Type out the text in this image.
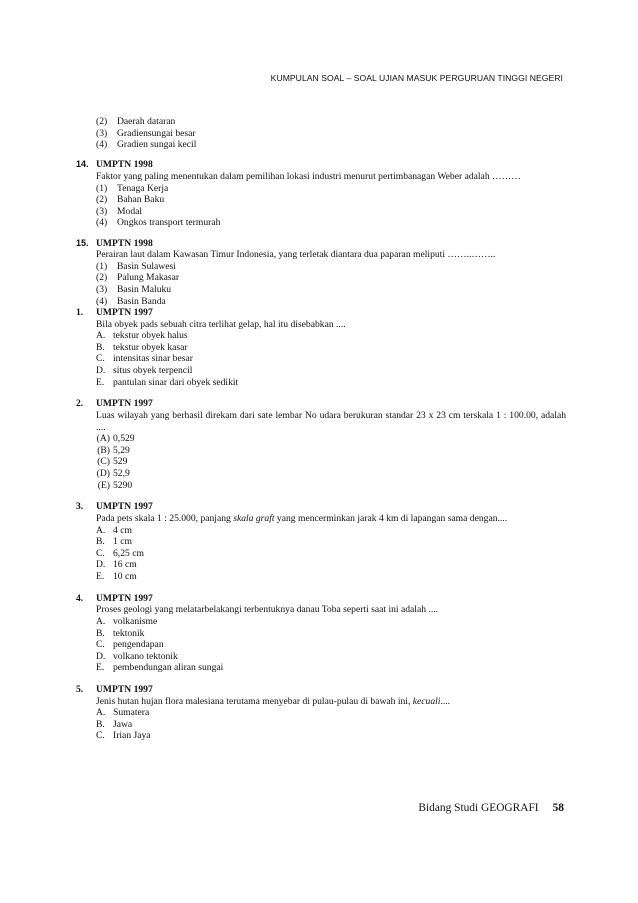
KUMPULAN SOAL – SOAL UJIAN MASUK PERGURUAN TINGGI NEGERI
(2)	Daerah dataran
(3)	Gradiensungai besar
(4)	Gradien sungai kecil
14. UMPTN 1998
Faktor yang paling menentukan dalam pemilihan lokasi industri menurut pertimbanagan Weber adalah ………
(1)	Tenaga Kerja
(2)	Bahan Baku
(3)	Modal
(4)	Ongkos transport termurah
15. UMPTN 1998
Perairan laut dalam Kawasan Timur Indonesia, yang terletak diantara dua paparan meliputi ……..……..
(1)	Basin Sulawesi
(2)	Palung Makasar
(3)	Basin Maluku
(4)	Basin Banda
1.	UMPTN 1997
Bila obyek pads sebuah citra terlihat gelap, hal itu disebabkan ....
A. tekstur obyek halus
B. tekstur obyek kasar
C. intensitas sinar besar
D. situs obyek terpencil
E. pantulan sinar dari obyek sedikit
2.	UMPTN 1997
Luas wilayah yang berhasil direkam dari sate lembar No udara berukuran standar 23 x 23 cm terskala 1 : 100.00, adalah ....
(A) 0,529
(B) 5,29
(C) 529
(D) 52,9
(E) 5290
3.	UMPTN 1997
Pada pets skala 1 : 25.000, panjang skala graft yang mencerminkan jarak 4 km di lapangan sama dengan....
A. 4 cm
B. 1 cm
C. 6,25 cm
D. 16 cm
E. 10 cm
4.	UMPTN 1997
Proses geologi yang melatarbelakangi terbentuknya danau Toba seperti saat ini adalah ....
A. volkanisme
B. tektonik
C. pengendapan
D. volkano tektonik
E. pembendungan aliran sungai
5.	UMPTN 1997
Jenis hutan hujan flora malesiana terutama menyebar di pulau-pulau di bawah ini, kecuali....
A. Sumatera
B. Jawa
C. Irian Jaya
Bidang Studi GEOGRAFI 58
